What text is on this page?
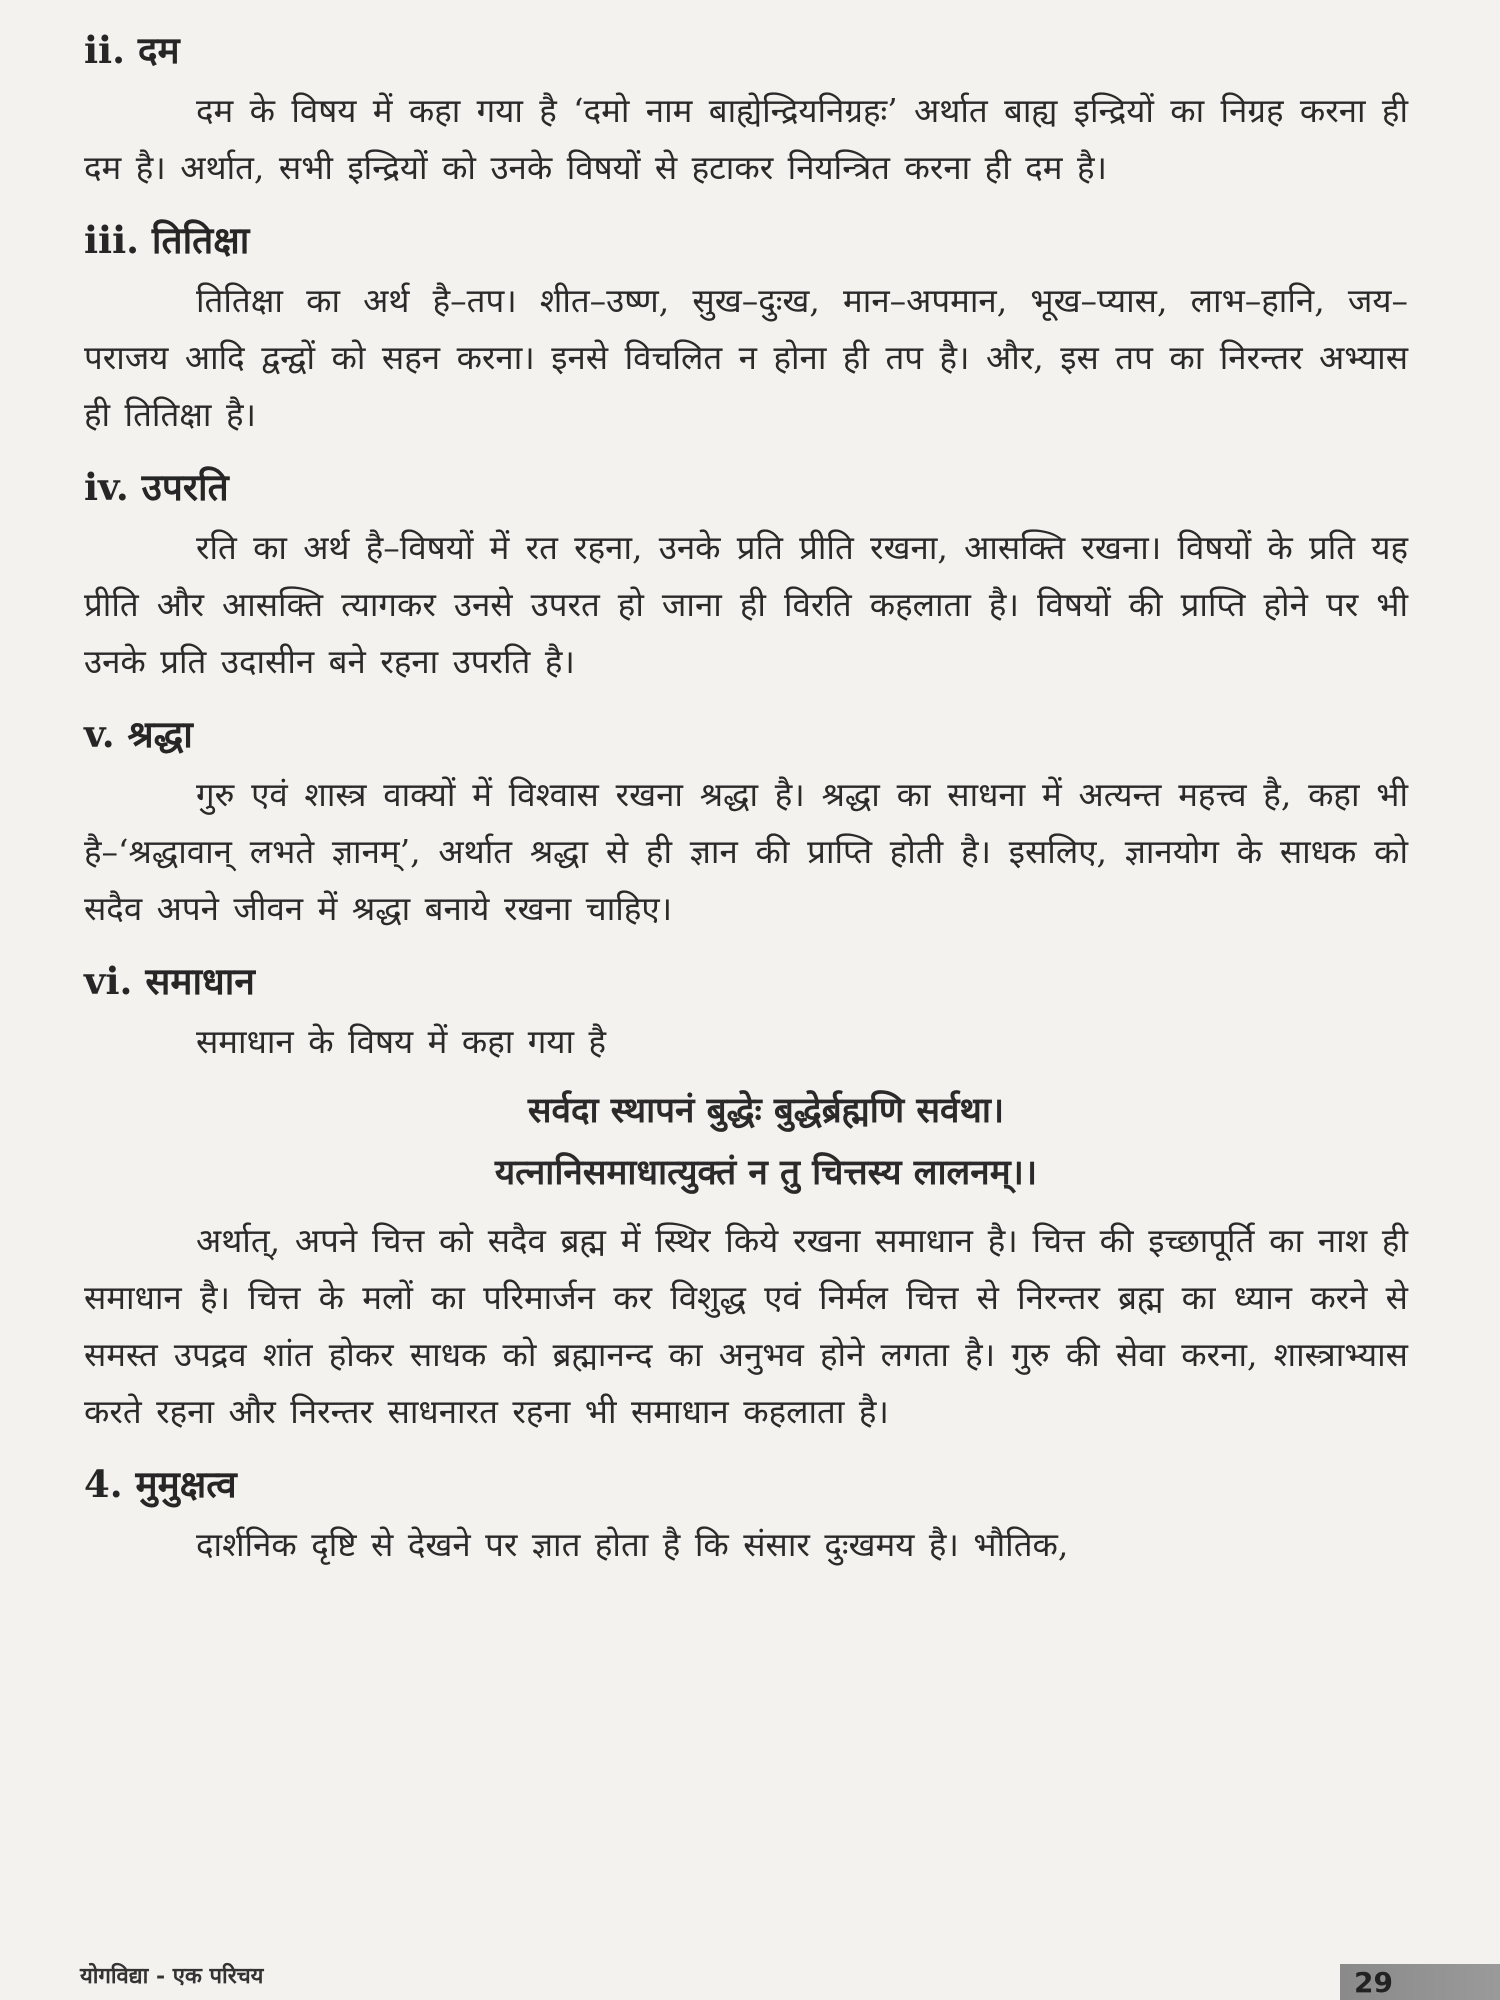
ii. दम

दम के विषय में कहा गया है ‘दमो नाम बाह्येन्द्रियनिग्रहः’ अर्थात बाह्य इन्द्रियों का निग्रह करना ही दम है। अर्थात, सभी इन्द्रियों को उनके विषयों से हटाकर नियन्त्रित करना ही दम है।

iii. तितिक्षा

तितिक्षा का अर्थ है–तप। शीत–उष्ण, सुख–दुःख, मान–अपमान, भूख–प्यास, लाभ–हानि, जय–पराजय आदि द्वन्द्वों को सहन करना। इनसे विचलित न होना ही तप है। और, इस तप का निरन्तर अभ्यास ही तितिक्षा है।

iv. उपरति

रति का अर्थ है–विषयों में रत रहना, उनके प्रति प्रीति रखना, आसक्ति रखना। विषयों के प्रति यह प्रीति और आसक्ति त्यागकर उनसे उपरत हो जाना ही विरति कहलाता है। विषयों की प्राप्ति होने पर भी उनके प्रति उदासीन बने रहना उपरति है।

v. श्रद्धा

गुरु एवं शास्त्र वाक्यों में विश्वास रखना श्रद्धा है। श्रद्धा का साधना में अत्यन्त महत्त्व है, कहा भी है–‘श्रद्धावान् लभते ज्ञानम्’, अर्थात श्रद्धा से ही ज्ञान की प्राप्ति होती है। इसलिए, ज्ञानयोग के साधक को सदैव अपने जीवन में श्रद्धा बनाये रखना चाहिए।

vi. समाधान

समाधान के विषय में कहा गया है

सर्वदा स्थापनं बुद्धेः बुद्धेर्ब्रह्मणि सर्वथा।
यत्नानिसमाधात्युक्तं न तु चित्तस्य लालनम्।।

अर्थात्, अपने चित्त को सदैव ब्रह्म में स्थिर किये रखना समाधान है। चित्त की इच्छापूर्ति का नाश ही समाधान है। चित्त के मलों का परिमार्जन कर विशुद्ध एवं निर्मल चित्त से निरन्तर ब्रह्म का ध्यान करने से समस्त उपद्रव शांत होकर साधक को ब्रह्मानन्द का अनुभव होने लगता है। गुरु की सेवा करना, शास्त्राभ्यास करते रहना और निरन्तर साधनारत रहना भी समाधान कहलाता है।

4. मुमुक्षत्व

दार्शनिक दृष्टि से देखने पर ज्ञात होता है कि संसार दुःखमय है। भौतिक,

योगविद्या - एक परिचय	29
